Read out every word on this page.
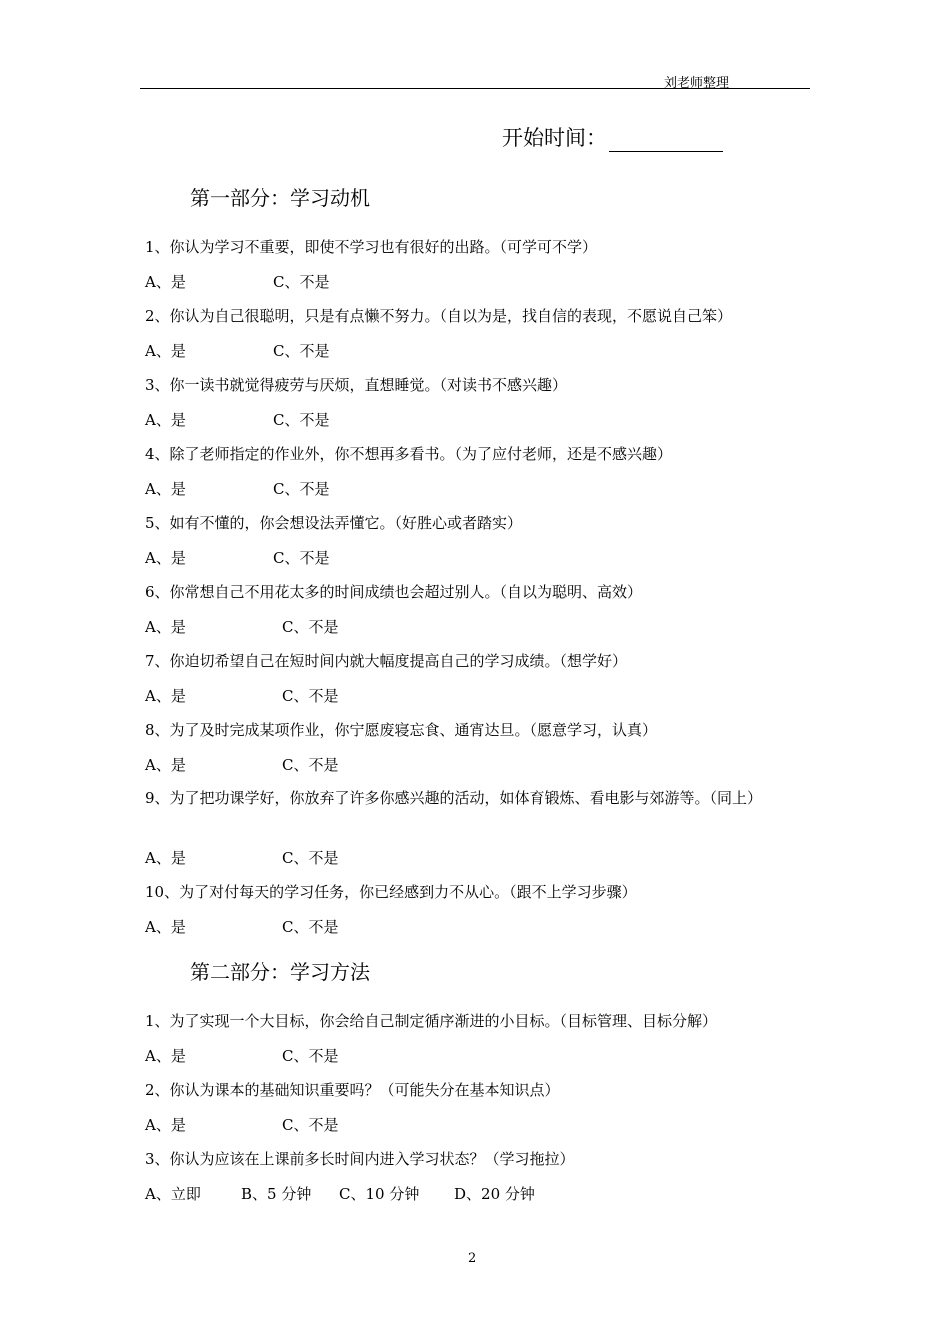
刘老师整理
开始时间：
第一部分：学习动机
1、你认为学习不重要，即使不学习也有很好的出路。（可学可不学）
A、是	C、不是
2、你认为自己很聪明，只是有点懒不努力。（自以为是，找自信的表现，不愿说自己笨）
A、是	C、不是
3、你一读书就觉得疲劳与厌烦，直想睡觉。（对读书不感兴趣）
A、是	C、不是
4、除了老师指定的作业外，你不想再多看书。（为了应付老师，还是不感兴趣）
A、是	C、不是
5、如有不懂的，你会想设法弄懂它。（好胜心或者踏实）
A、是	C、不是
6、你常想自己不用花太多的时间成绩也会超过别人。（自以为聪明、高效）
A、是	C、不是
7、你迫切希望自己在短时间内就大幅度提高自己的学习成绩。（想学好）
A、是	C、不是
8、为了及时完成某项作业，你宁愿废寝忘食、通宵达旦。（愿意学习，认真）
A、是	C、不是
9、为了把功课学好，你放弃了许多你感兴趣的活动，如体育锻炼、看电影与郊游等。（同上）
A、是	C、不是
10、为了对付每天的学习任务，你已经感到力不从心。（跟不上学习步骤）
A、是	C、不是
第二部分：学习方法
1、为了实现一个大目标，你会给自己制定循序渐进的小目标。（目标管理、目标分解）
A、是	C、不是
2、你认为课本的基础知识重要吗？（可能失分在基本知识点）
A、是	C、不是
3、你认为应该在上课前多长时间内进入学习状态？（学习拖拉）
A、立即	B、5 分钟 C、10 分钟 D、20 分钟
2
